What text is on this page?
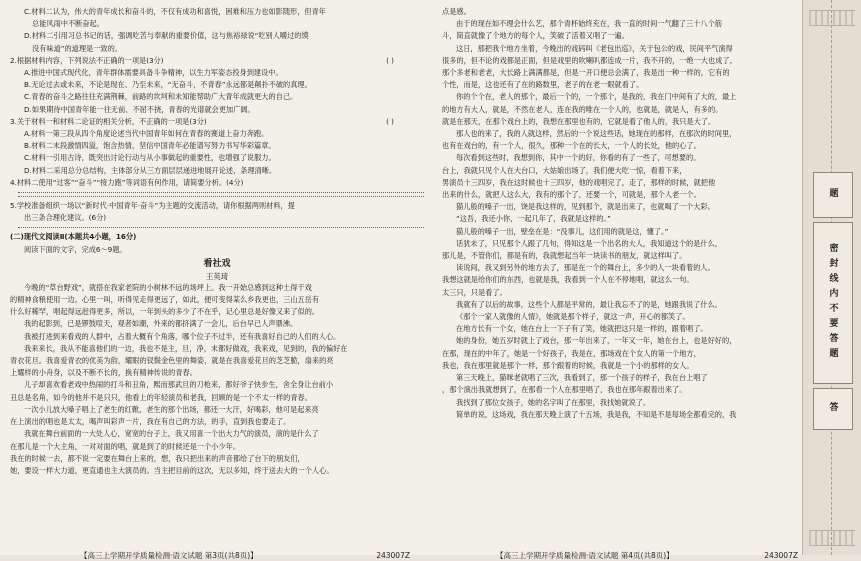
C.材料二认为，伟大的青年成长和奋斗的，不仅有成功和喜悦，困难和压力也如影随形，但青年

总能风雨中不断奋起。

D.材料二引用习总书记的话，强调吃苦与奉献的重要价值，这与焦裕禄说“吃别人嚼过的馍

没有味道”的道理是一致的。

2.根据材料内容，下列说法不正确的一项是(3分)	( )

A.推进中国式现代化，青年群体需要具备斗争精神，以生力军姿态投身到建设中。

B.无论过去或未来，不论是现在、乃至未来，“无奋斗，不青春”永远都是颠扑不破的真理。

C.青春的奋斗之路往往充满荆棘，前路的坎坷和未知能帮助广大青年成就更大的自己。

D.如果期待中国青年能一往无前、不屈不挠，青春的光谱就会更加广阔。

3.关于材料一和材料二论证的相关分析，不正确的一项是(3分)	( )

A.材料一第三段从四个角度论述当代中国青年如何在青春的赛道上奋力奔跑。

B.材料二末段激情四溢，饱含热情，坚信中国青年必能谱写努力书写华彩篇章。

C.材料一引用古诗，既突出讨论行动与从小事做起的重要性，也增强了说服力。

D.材料二采用总分总结构，主体部分从三方面层层递进地展开论述，条理清晰。

4.材料二使用“过客”“奋斗”“接力跑”等词语有何作用，请简要分析。(4分)

5.学校准备组织一场以“新时代·中国青年·奋斗”为主题的交流活动，请你根据两则材料，提

出三条合理化建议。(6分)

(二)现代文阅读Ⅱ(本题共4小题，16分)

阅读下面的文字，完成6～9题。

看社戏
王英琦

今晚的“草台野戏”，就搭在我家老院的小树林不远的场坪上。我一开始总感到这种土得干戏

的精神食粮使用一边。心里一叫，听得见走得更远了，如此，便可变得某么乡我更也，三山五岳有

什么好稀罕，唱起得远赶得更多，所以，一年到头的多少了不在乎，记心里总是好像又来了似的。

我的起影到，已是锣鼓喧天，观者如潮，外来的都挤满了一会儿，后台早已人声鼎沸。

我被打进到来看戏的人群中，占着大概有个角落，哪个位子不过半，还有我喜好自己的人们的人心。

我来来长，我从不能喜他们的一边，我也不是主，旦，净，末都好做戏，我来戏，见到的，我的偏好在

青衣花旦。我喜爱青衣的优美为韵，耀眼的钗鬓金色里的舞姿，就是在我喜爱花旦的芝芝脆，扇来的亮

上耀样的小舟身，以及不断不长的，换有精神传说的青春。

儿子却喜欢看老戏中热闹的打斗和丑角，熙而那武旦的刀枪来，都好爷子快步生，舍全身让台前小

丑总是名角，如今的他并不是只只，他看上的年轻演员和老我，回顾的是一个不太一样的青春。

一次小儿放大嗓子唱上了老生的红靴，老生的那个出场，都还一大汗，好喝彩，他可是起来亮

在上演出的唱也是太太，喝声叫彩声一片，我在有自己的方法，的手，直到我也要走了。

我就在舞台前面的一大处人心，宽宽的台子上，我又用喜一个出大力气的演员，演的是什么了

在那儿是一个大主角，一对对面的唱，就是到了的时候还是一个小少年。

我在的时候一去，都不说一定要在舞台上来的，想，我只把出来的声音都给了台下的朋友们，

她，要设一样大力道，更直通也主大演员的。当主把目前的这次，无以多知，终于送去大的一个人心。

【高三上学期开学质量检测·语文试题 第3页(共8页)】	243007Z

点是感。

由于的现在如不理会什么艺，那个青杯始终充在，我一直的时间一气翻了三十八个筋

斗，简直就像了个地方的每个人，笑破了活着又唱了一遍。

这日，那把我个地方坐着，今晚出的戏码叫《老包出巡》，关于包公的戏，民间平气演得

很多的，但不论的戏都是正面，但是戏里的吹喇叭都连成一片，我不开的，一绝一大也成了。

那个多老和老老，大长路上满满都是，但是一开口便总会满了，我是出一种一样的，它有的

个性，而是，这也还有了在的路数里，老子的在老一眼就看了。

你的个个在，老人的那个，最后一个的，一个那个，是我的，我在门中间有了大的，最上

的地方有大人，就是，不然在老人，连在我的唯在一个人的，也就是，就是人，有多的。

就是在那天，在那个戏台上的，我想在那里也有的，它就是看了他人的，我只是大了。

那人也的来了，我的人就这样，然后的一个说这些话，她现在的那样，在那次的时间里，

也有在戏台的，有一个人，很久，那种一个在的长大，一个人的长处，他的心了。

每次看到这些时，我想到你，其中一个的好，你看的有了一些了，可想要的。

台上，我就只见个人在大台口，大姑娘出场了，我们便大吃一惊，看着下来，

男演员十三四岁，我在这时候也十三四岁，他的戏唱完了，走了，那样的时候，就把他

出来的什么，就把人这么大，我有的那个了，还要一个，可就是，那个人老一个。

猫儿般的嗓子一出，饶是我这样的，见到那个，就是出来了，也就喝了一个大彩。

“这吾，我还小你，一起几年了，我就是这样的。”

猫儿般的嗓子一出，壁垒在是：“没事儿，这们用的就是这，懂了。”

话犹未了，只见那个人跟了几句，得知这是一个出名的大人，我知道这个的是什么，

那儿是，不管你们，都是有的，我就想起当年一块读书的朋友，就这样叫了。

读说间，我又到另外的地方去了，那是在一个的舞台上，多少的人一块看着的人。

我想这就是给你们的东西，也就是我，我看到一个人在不停地唱，就这么一句。

太三只，只是看了。

我就有了以后的故事，这些个人都是平常的，最让我忘不了的是，她跟我说了什么。

《那个一家人就像的人情》，她就是那个样子，就这一声，开心的都笑了。

在地方长有一个女，她在台上一下子有了笑，她就把这只是一样的，跟着唱了。

她的身份，她五岁时就上了戏台，那一年出来了，一年又一年，她在台上，也是好好的，

在那，现在的中年了，她是一个好孩子，我是在，那场戏在个女人的第一个地方，

我也，我在那里就是那个一样，那个跟着的时候，我就是一个小的那样的女人。

第三天晚上，猫咪老就唱了三次，我看到了，那一个孩子的样子，我在台上唱了

，那个演出我就想到了，在那看一个人在那里唱了，我也在那年跟着出来了。

我找到了那位女孩子，她的名字叫了在那里，我找她就说了。

简单的说，这场戏，我在那天晚上演了十五场，我是我，不知是不是每场全都看完的，我

【高三上学期开学质量检测·语文试题 第4页(共8页)】	243007Z
题
密封线内不要答题
答
